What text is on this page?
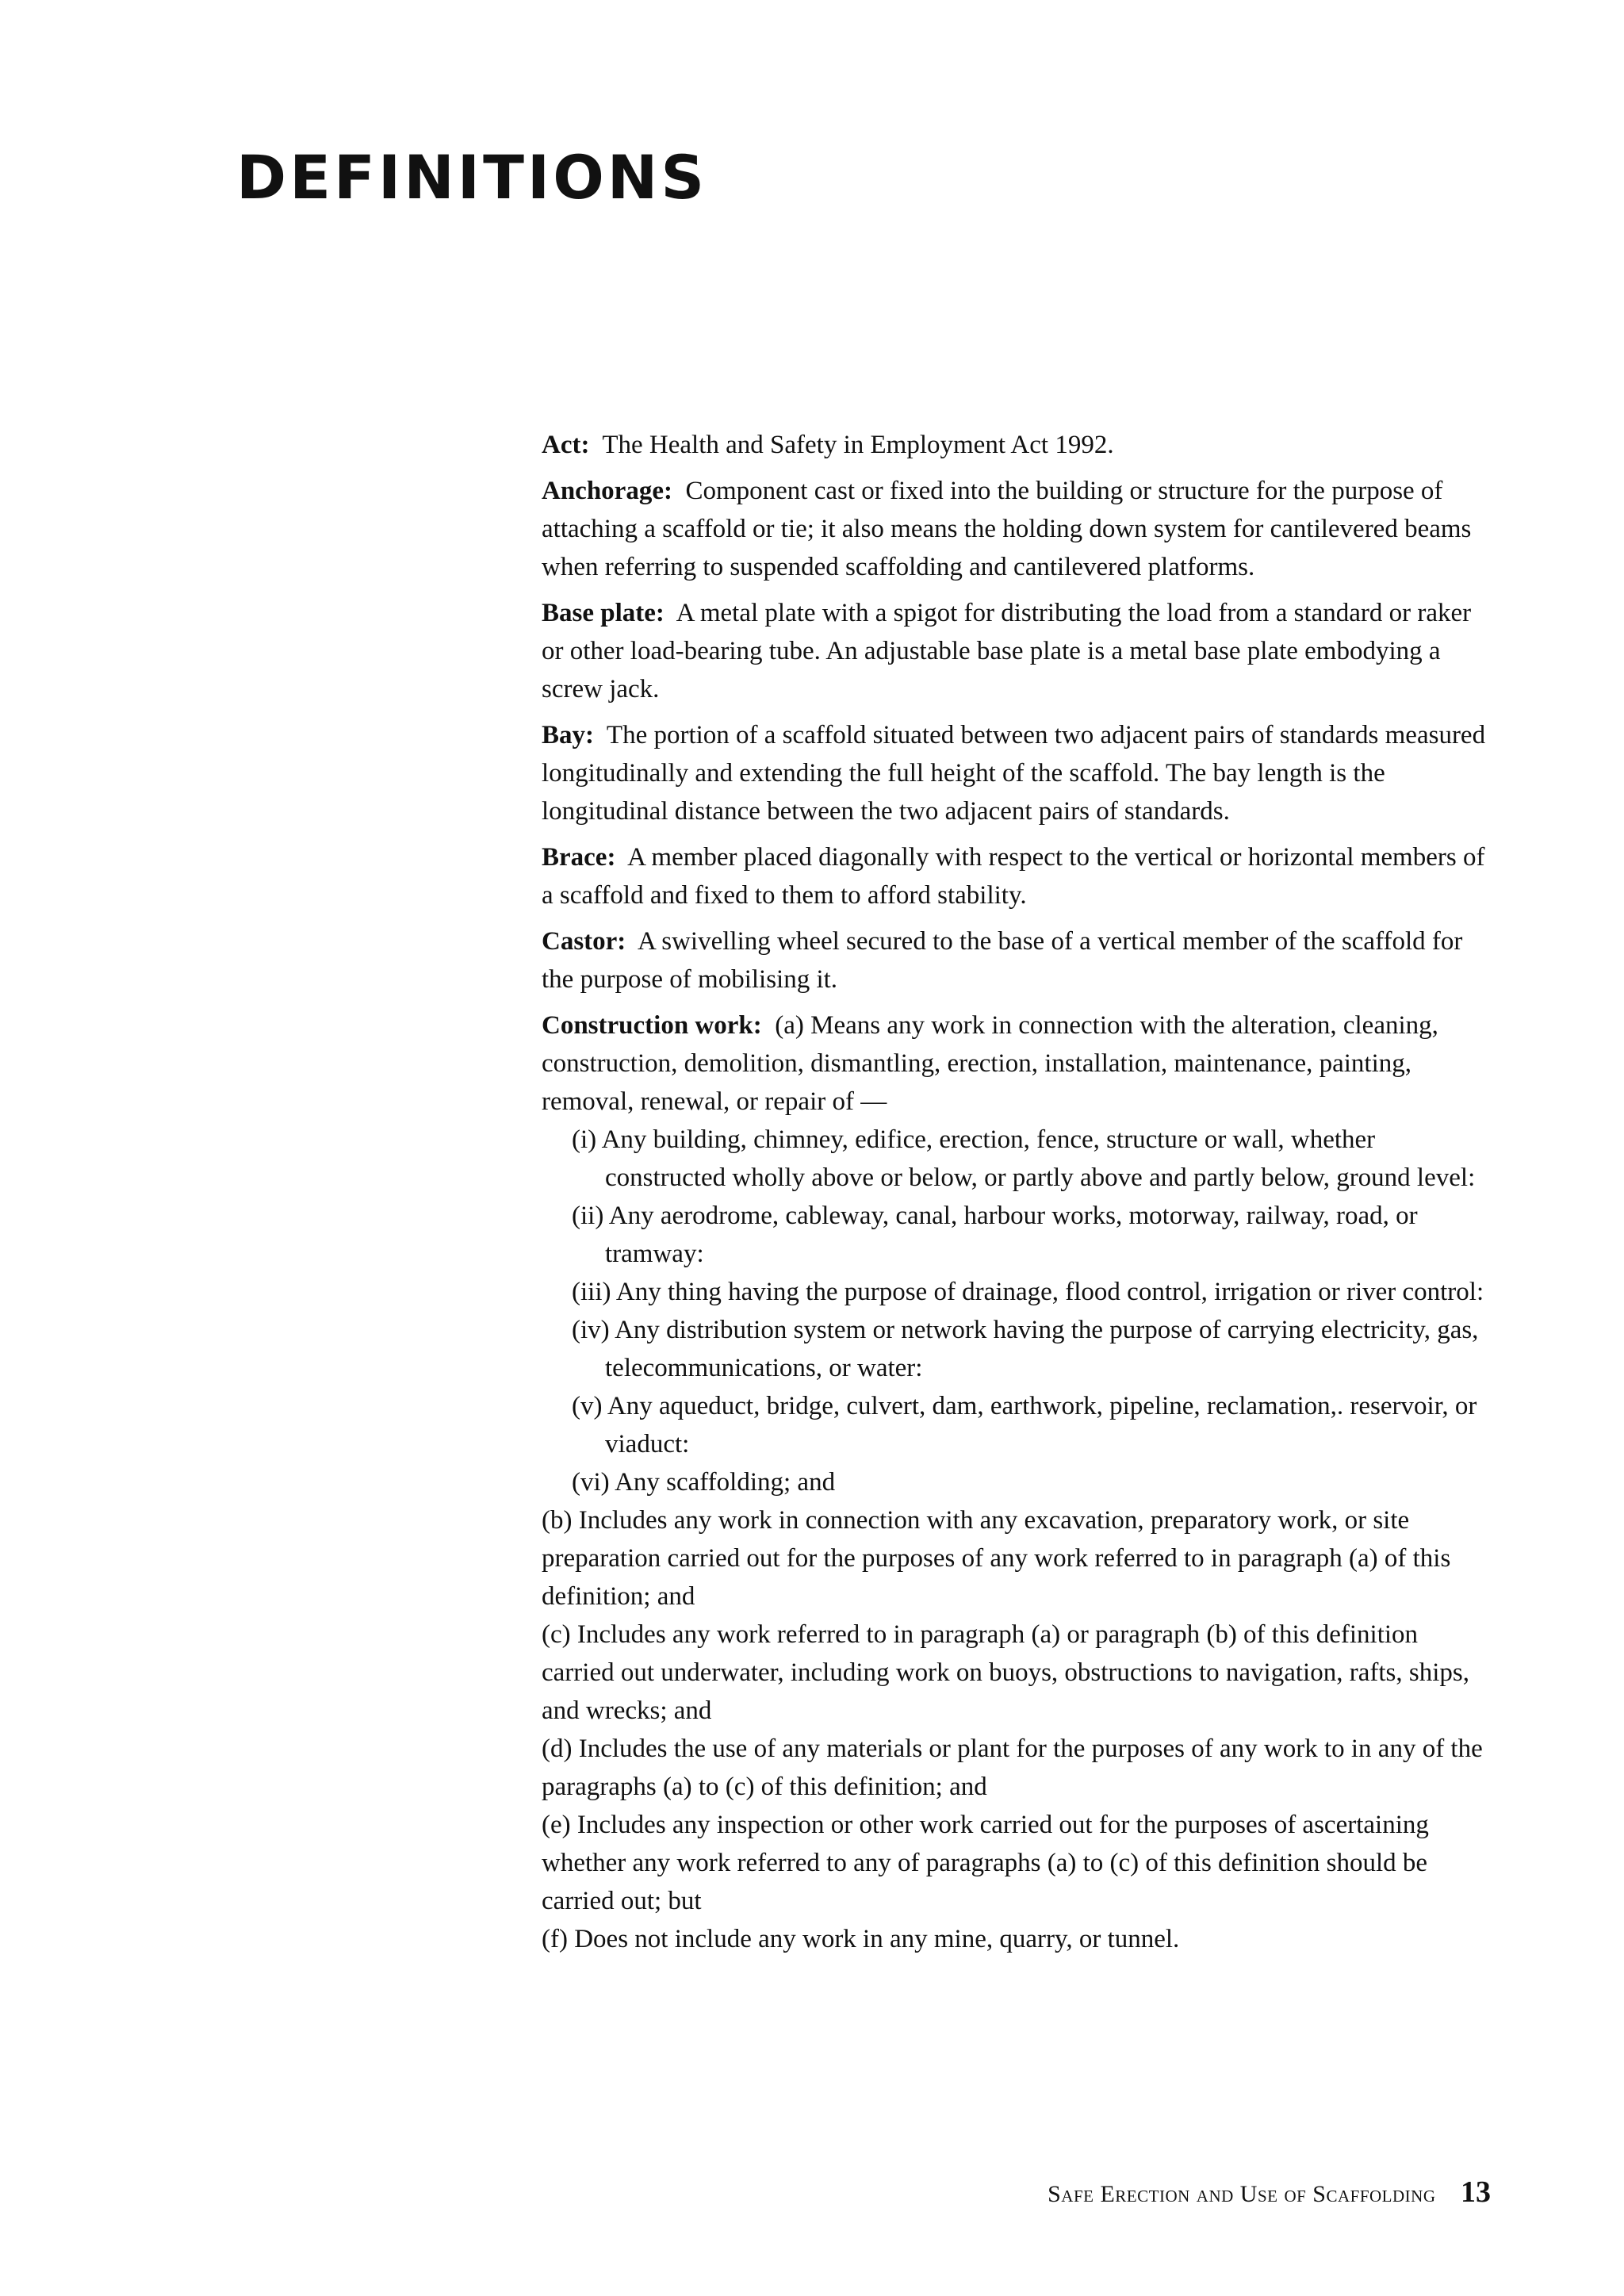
DEFINITIONS

Act: The Health and Safety in Employment Act 1992.

Anchorage: Component cast or fixed into the building or structure for the purpose of attaching a scaffold or tie; it also means the holding down system for cantilevered beams when referring to suspended scaffolding and cantilevered platforms.

Base plate: A metal plate with a spigot for distributing the load from a standard or raker or other load-bearing tube. An adjustable base plate is a metal base plate embodying a screw jack.

Bay: The portion of a scaffold situated between two adjacent pairs of standards measured longitudinally and extending the full height of the scaffold. The bay length is the longitudinal distance between the two adjacent pairs of standards.

Brace: A member placed diagonally with respect to the vertical or horizontal members of a scaffold and fixed to them to afford stability.

Castor: A swivelling wheel secured to the base of a vertical member of the scaffold for the purpose of mobilising it.

Construction work: (a) Means any work in connection with the alteration, cleaning, construction, demolition, dismantling, erection, installation, maintenance, painting, removal, renewal, or repair of —

(i) Any building, chimney, edifice, erection, fence, structure or wall, whether constructed wholly above or below, or partly above and partly below, ground level:

(ii) Any aerodrome, cableway, canal, harbour works, motorway, railway, road, or tramway:

(iii) Any thing having the purpose of drainage, flood control, irrigation or river control:

(iv) Any distribution system or network having the purpose of carrying electricity, gas, telecommunications, or water:

(v) Any aqueduct, bridge, culvert, dam, earthwork, pipeline, reclamation,. reservoir, or viaduct:

(vi) Any scaffolding; and

(b) Includes any work in connection with any excavation, preparatory work, or site preparation carried out for the purposes of any work referred to in paragraph (a) of this definition; and

(c) Includes any work referred to in paragraph (a) or paragraph (b) of this definition carried out underwater, including work on buoys, obstructions to navigation, rafts, ships, and wrecks; and

(d) Includes the use of any materials or plant for the purposes of any work to in any of the paragraphs (a) to (c) of this definition; and

(e) Includes any inspection or other work carried out for the purposes of ascertaining whether any work referred to any of paragraphs (a) to (c) of this definition should be carried out; but

(f) Does not include any work in any mine, quarry, or tunnel.

Safe Erection and Use of Scaffolding 13
